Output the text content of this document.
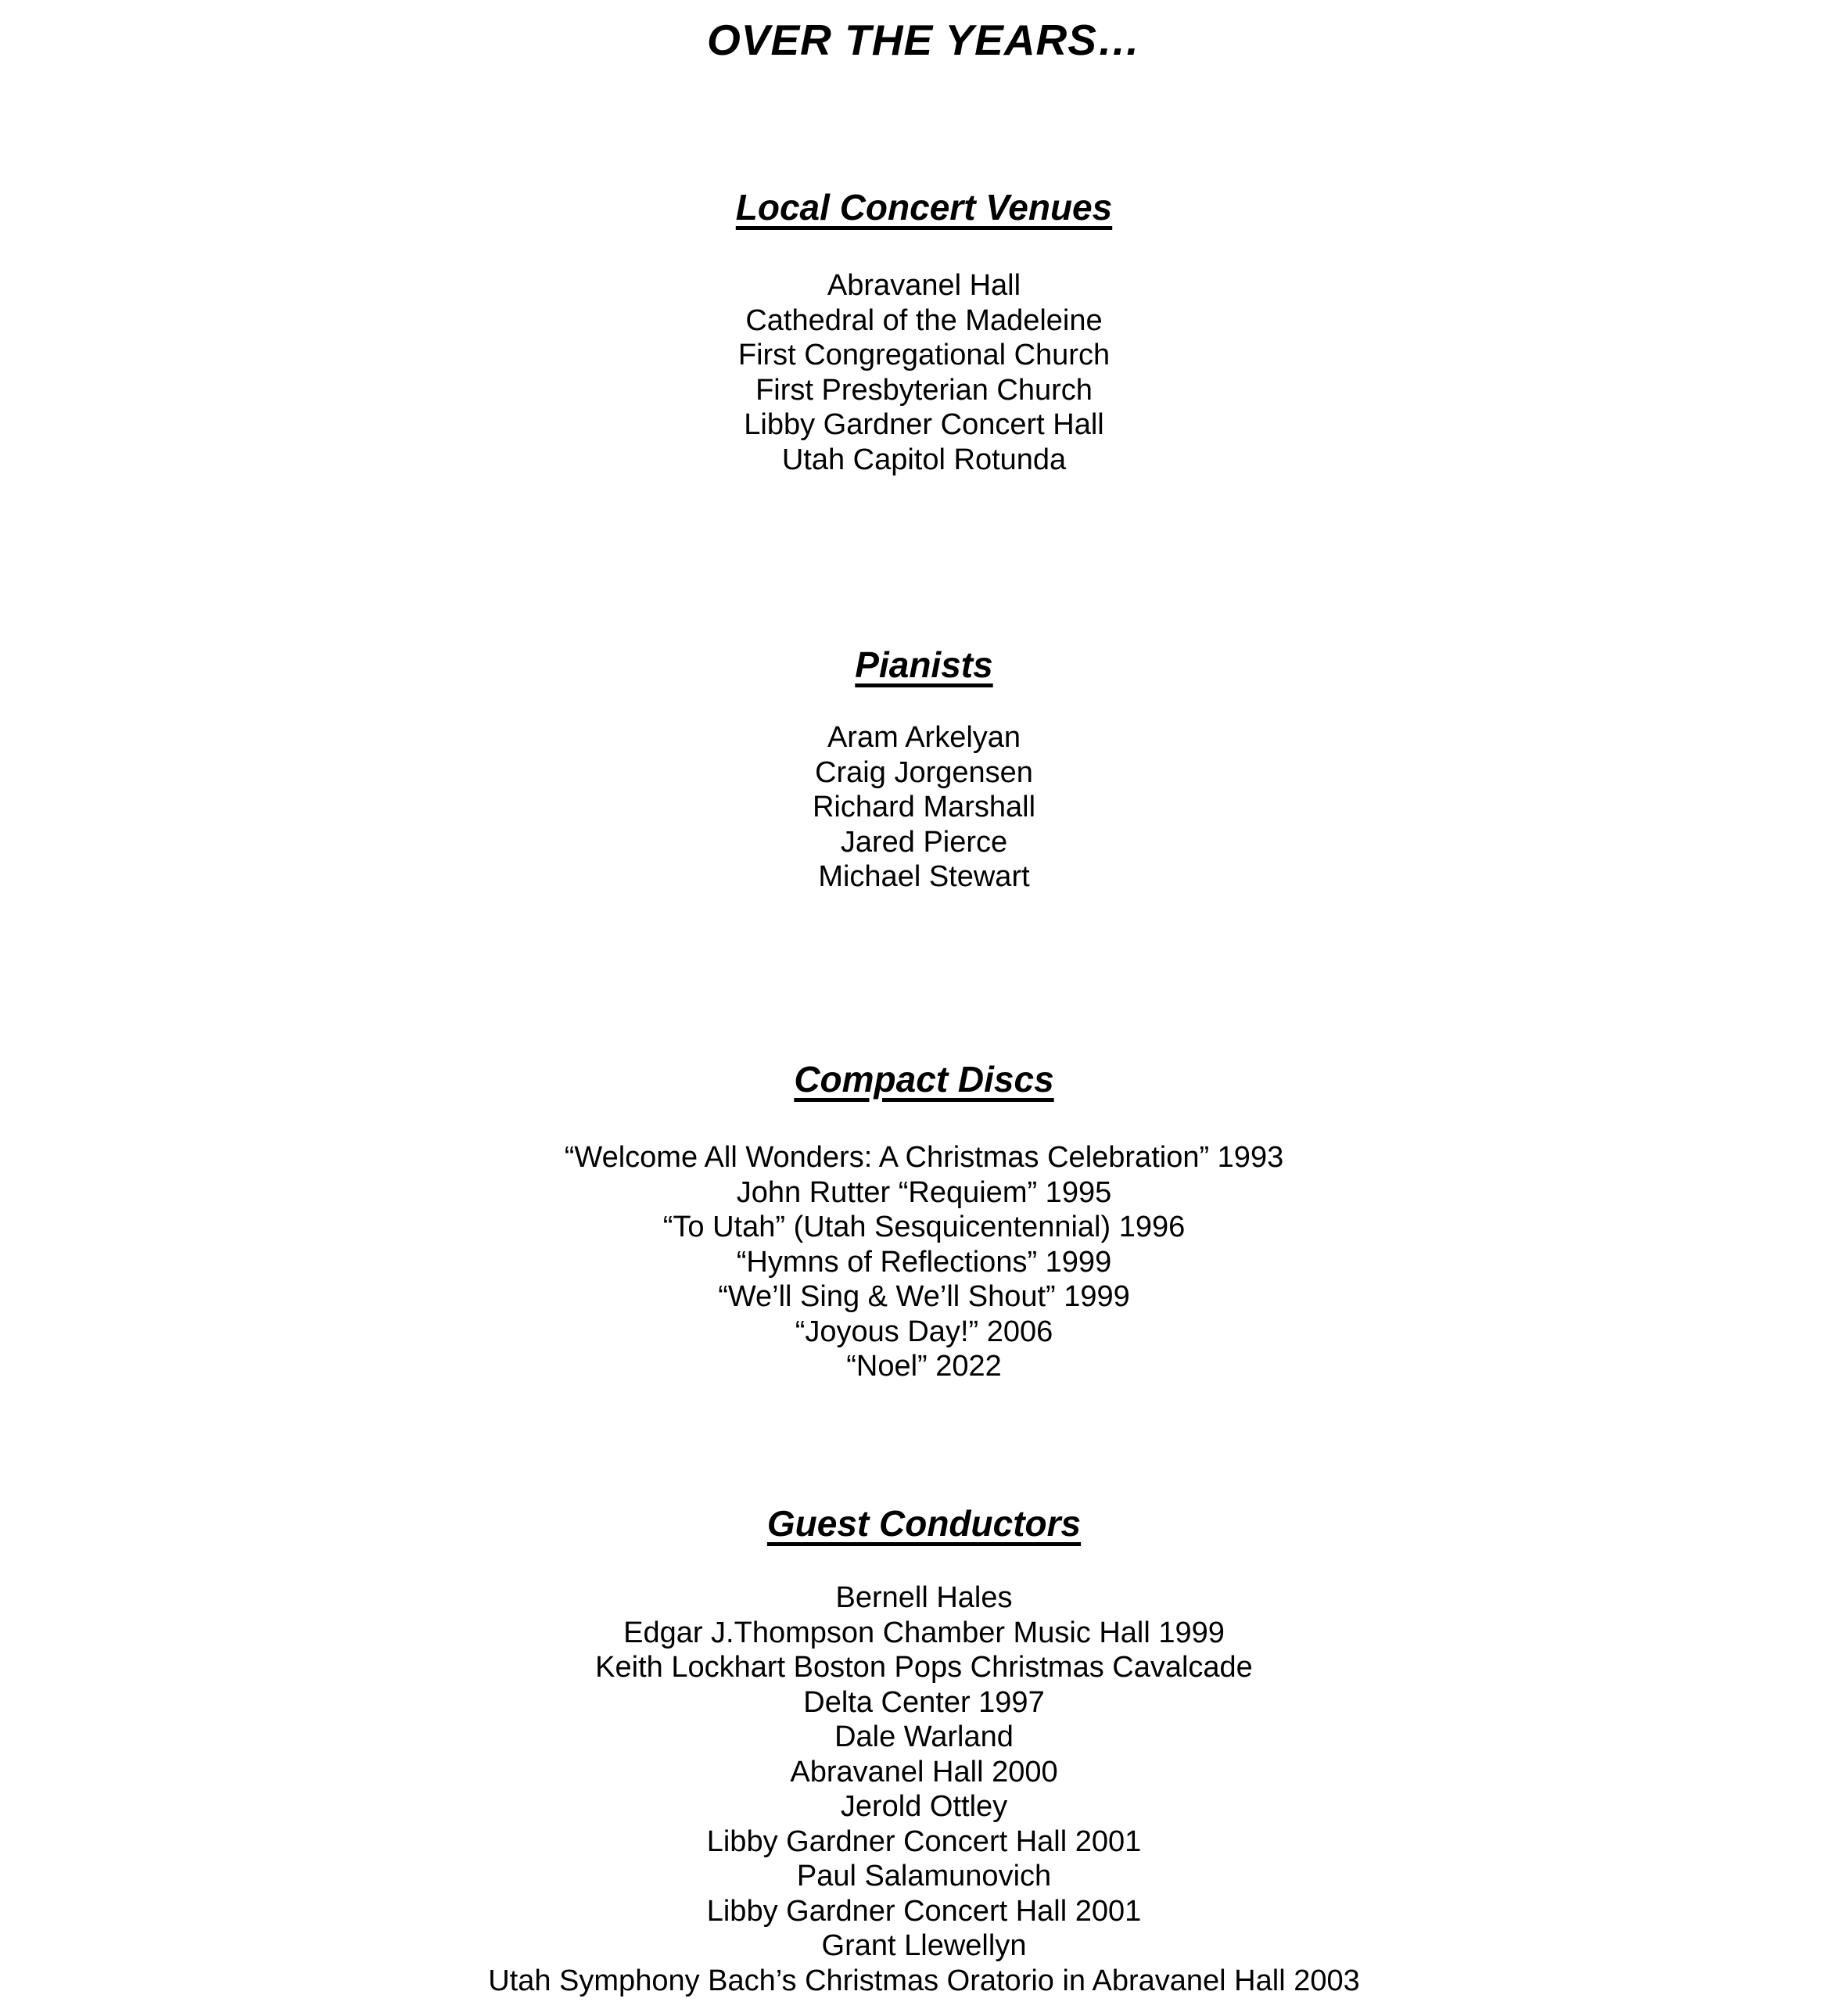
OVER THE YEARS…
Local Concert Venues
Abravanel Hall
Cathedral of the Madeleine
First Congregational Church
First Presbyterian Church
Libby Gardner Concert Hall
Utah Capitol Rotunda
Pianists
Aram Arkelyan
Craig Jorgensen
Richard Marshall
Jared Pierce
Michael Stewart
Compact Discs
“Welcome All Wonders: A Christmas Celebration” 1993
John Rutter “Requiem” 1995
“To Utah” (Utah Sesquicentennial) 1996
“Hymns of Reflections” 1999
“We’ll Sing & We’ll Shout” 1999
“Joyous Day!” 2006
“Noel” 2022
Guest Conductors
Bernell Hales
Edgar J.Thompson Chamber Music Hall 1999
Keith Lockhart Boston Pops Christmas Cavalcade
Delta Center 1997
Dale Warland
Abravanel Hall 2000
Jerold Ottley
Libby Gardner Concert Hall 2001
Paul Salamunovich
Libby Gardner Concert Hall 2001
Grant Llewellyn
Utah Symphony Bach’s Christmas Oratorio in Abravanel Hall 2003
